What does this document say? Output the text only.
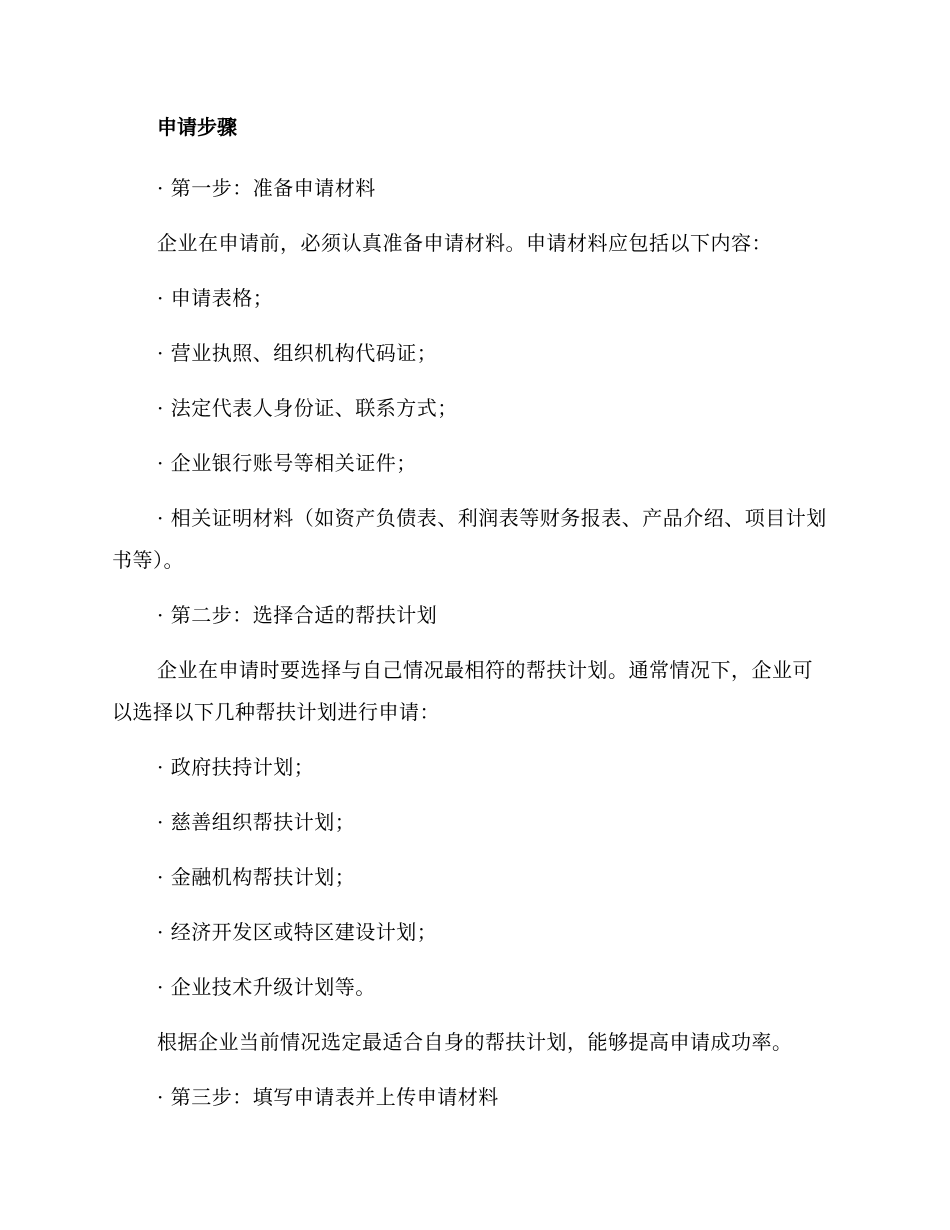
申请步骤

· 第一步：准备申请材料

企业在申请前，必须认真准备申请材料。申请材料应包括以下内容：

· 申请表格；

· 营业执照、组织机构代码证；

· 法定代表人身份证、联系方式；

· 企业银行账号等相关证件；

· 相关证明材料（如资产负债表、利润表等财务报表、产品介绍、项目计划书等）。

· 第二步：选择合适的帮扶计划

企业在申请时要选择与自己情况最相符的帮扶计划。通常情况下，企业可以选择以下几种帮扶计划进行申请：

· 政府扶持计划；

· 慈善组织帮扶计划；

· 金融机构帮扶计划；

· 经济开发区或特区建设计划；

· 企业技术升级计划等。

根据企业当前情况选定最适合自身的帮扶计划，能够提高申请成功率。

· 第三步：填写申请表并上传申请材料
